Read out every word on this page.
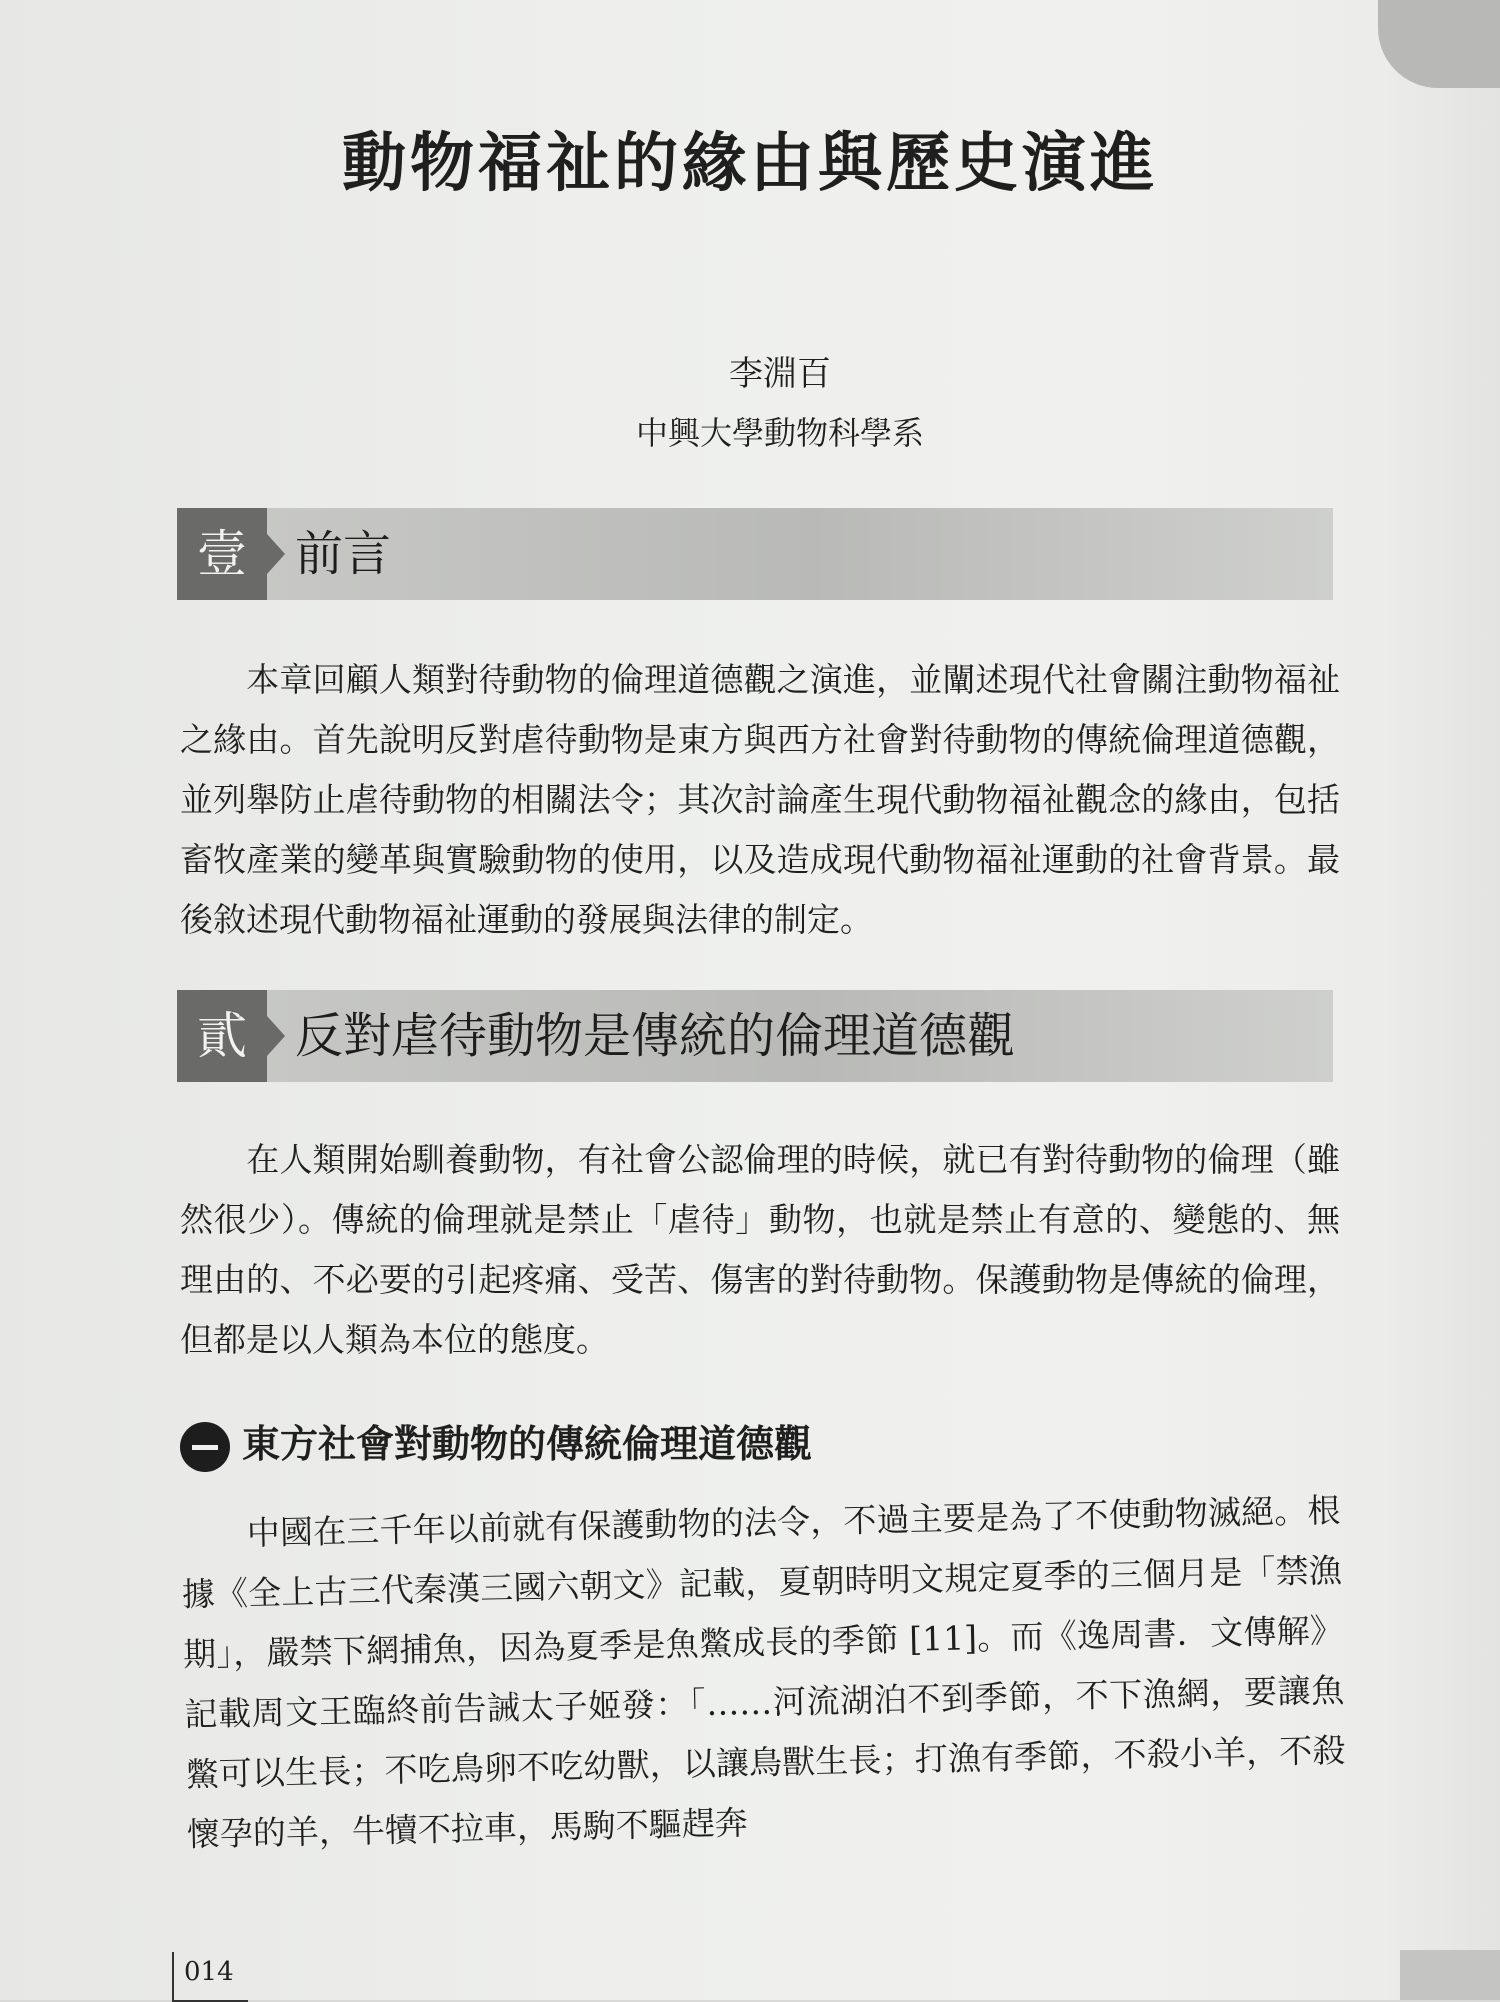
動物福祉的緣由與歷史演進
李淵百
中興大學動物科學系
壹	前言

　　本章回顧人類對待動物的倫理道德觀之演進，並闡述現代社會關注動物福祉之緣由。首先說明反對虐待動物是東方與西方社會對待動物的傳統倫理道德觀，並列舉防止虐待動物的相關法令；其次討論產生現代動物福祉觀念的緣由，包括畜牧產業的變革與實驗動物的使用，以及造成現代動物福祉運動的社會背景。最後敘述現代動物福祉運動的發展與法律的制定。

貳	反對虐待動物是傳統的倫理道德觀

　　在人類開始馴養動物，有社會公認倫理的時候，就已有對待動物的倫理（雖然很少）。傳統的倫理就是禁止「虐待」動物，也就是禁止有意的、變態的、無理由的、不必要的引起疼痛、受苦、傷害的對待動物。保護動物是傳統的倫理，但都是以人類為本位的態度。

東方社會對動物的傳統倫理道德觀

　　中國在三千年以前就有保護動物的法令，不過主要是為了不使動物滅絕。根據《全上古三代秦漢三國六朝文》記載，夏朝時明文規定夏季的三個月是「禁漁期」，嚴禁下網捕魚，因為夏季是魚鱉成長的季節 [11]。而《逸周書．文傳解》記載周文王臨終前告誡太子姬發：「……河流湖泊不到季節，不下漁網，要讓魚鱉可以生長；不吃鳥卵不吃幼獸，以讓鳥獸生長；打漁有季節，不殺小羊，不殺懷孕的羊，牛犢不拉車，馬駒不驅趕奔

014
